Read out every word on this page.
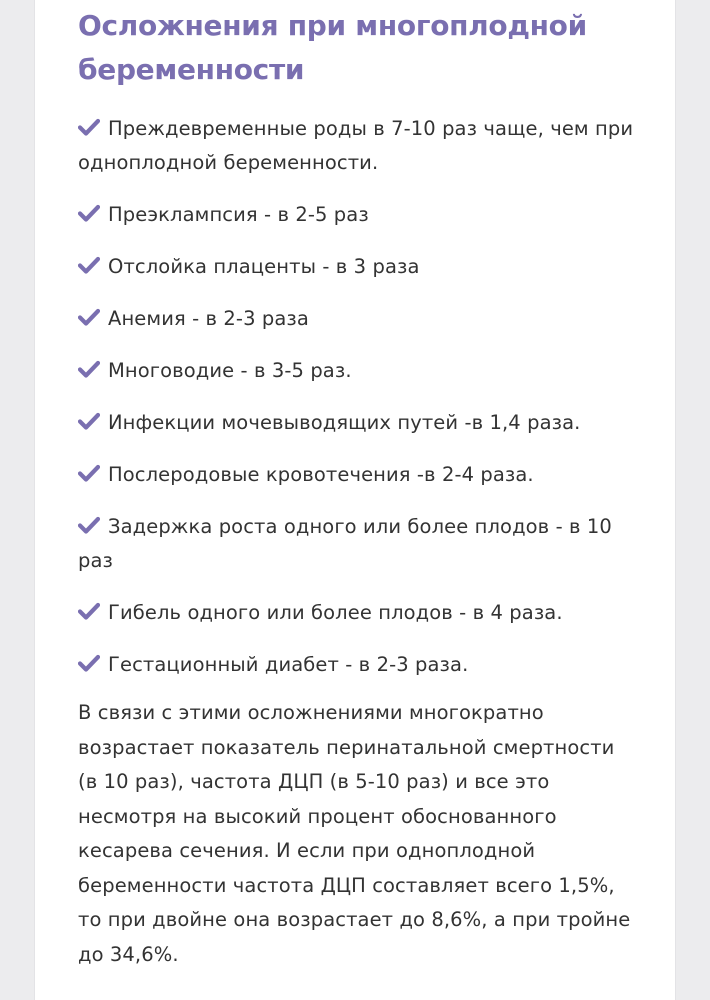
Осложнения при многоплодной беременности
Преждевременные роды в 7-10 раз чаще, чем при одноплодной беременности.
Преэклампсия - в 2-5 раз
Отслойка плаценты - в 3 раза
Анемия - в 2-3 раза
Многоводие - в 3-5 раз.
Инфекции мочевыводящих путей -в 1,4 раза.
Послеродовые кровотечения -в 2-4 раза.
Задержка роста одного или более плодов - в 10 раз
Гибель одного или более плодов - в 4 раза.
Гестационный диабет - в 2-3 раза.

В связи с этими осложнениями многократно возрастает показатель перинатальной смертности (в 10 раз), частота ДЦП (в 5-10 раз) и все это несмотря на высокий процент обоснованного кесарева сечения. И если при одноплодной беременности частота ДЦП составляет всего 1,5%, то при двойне она возрастает до 8,6%, а при тройне до 34,6%.
